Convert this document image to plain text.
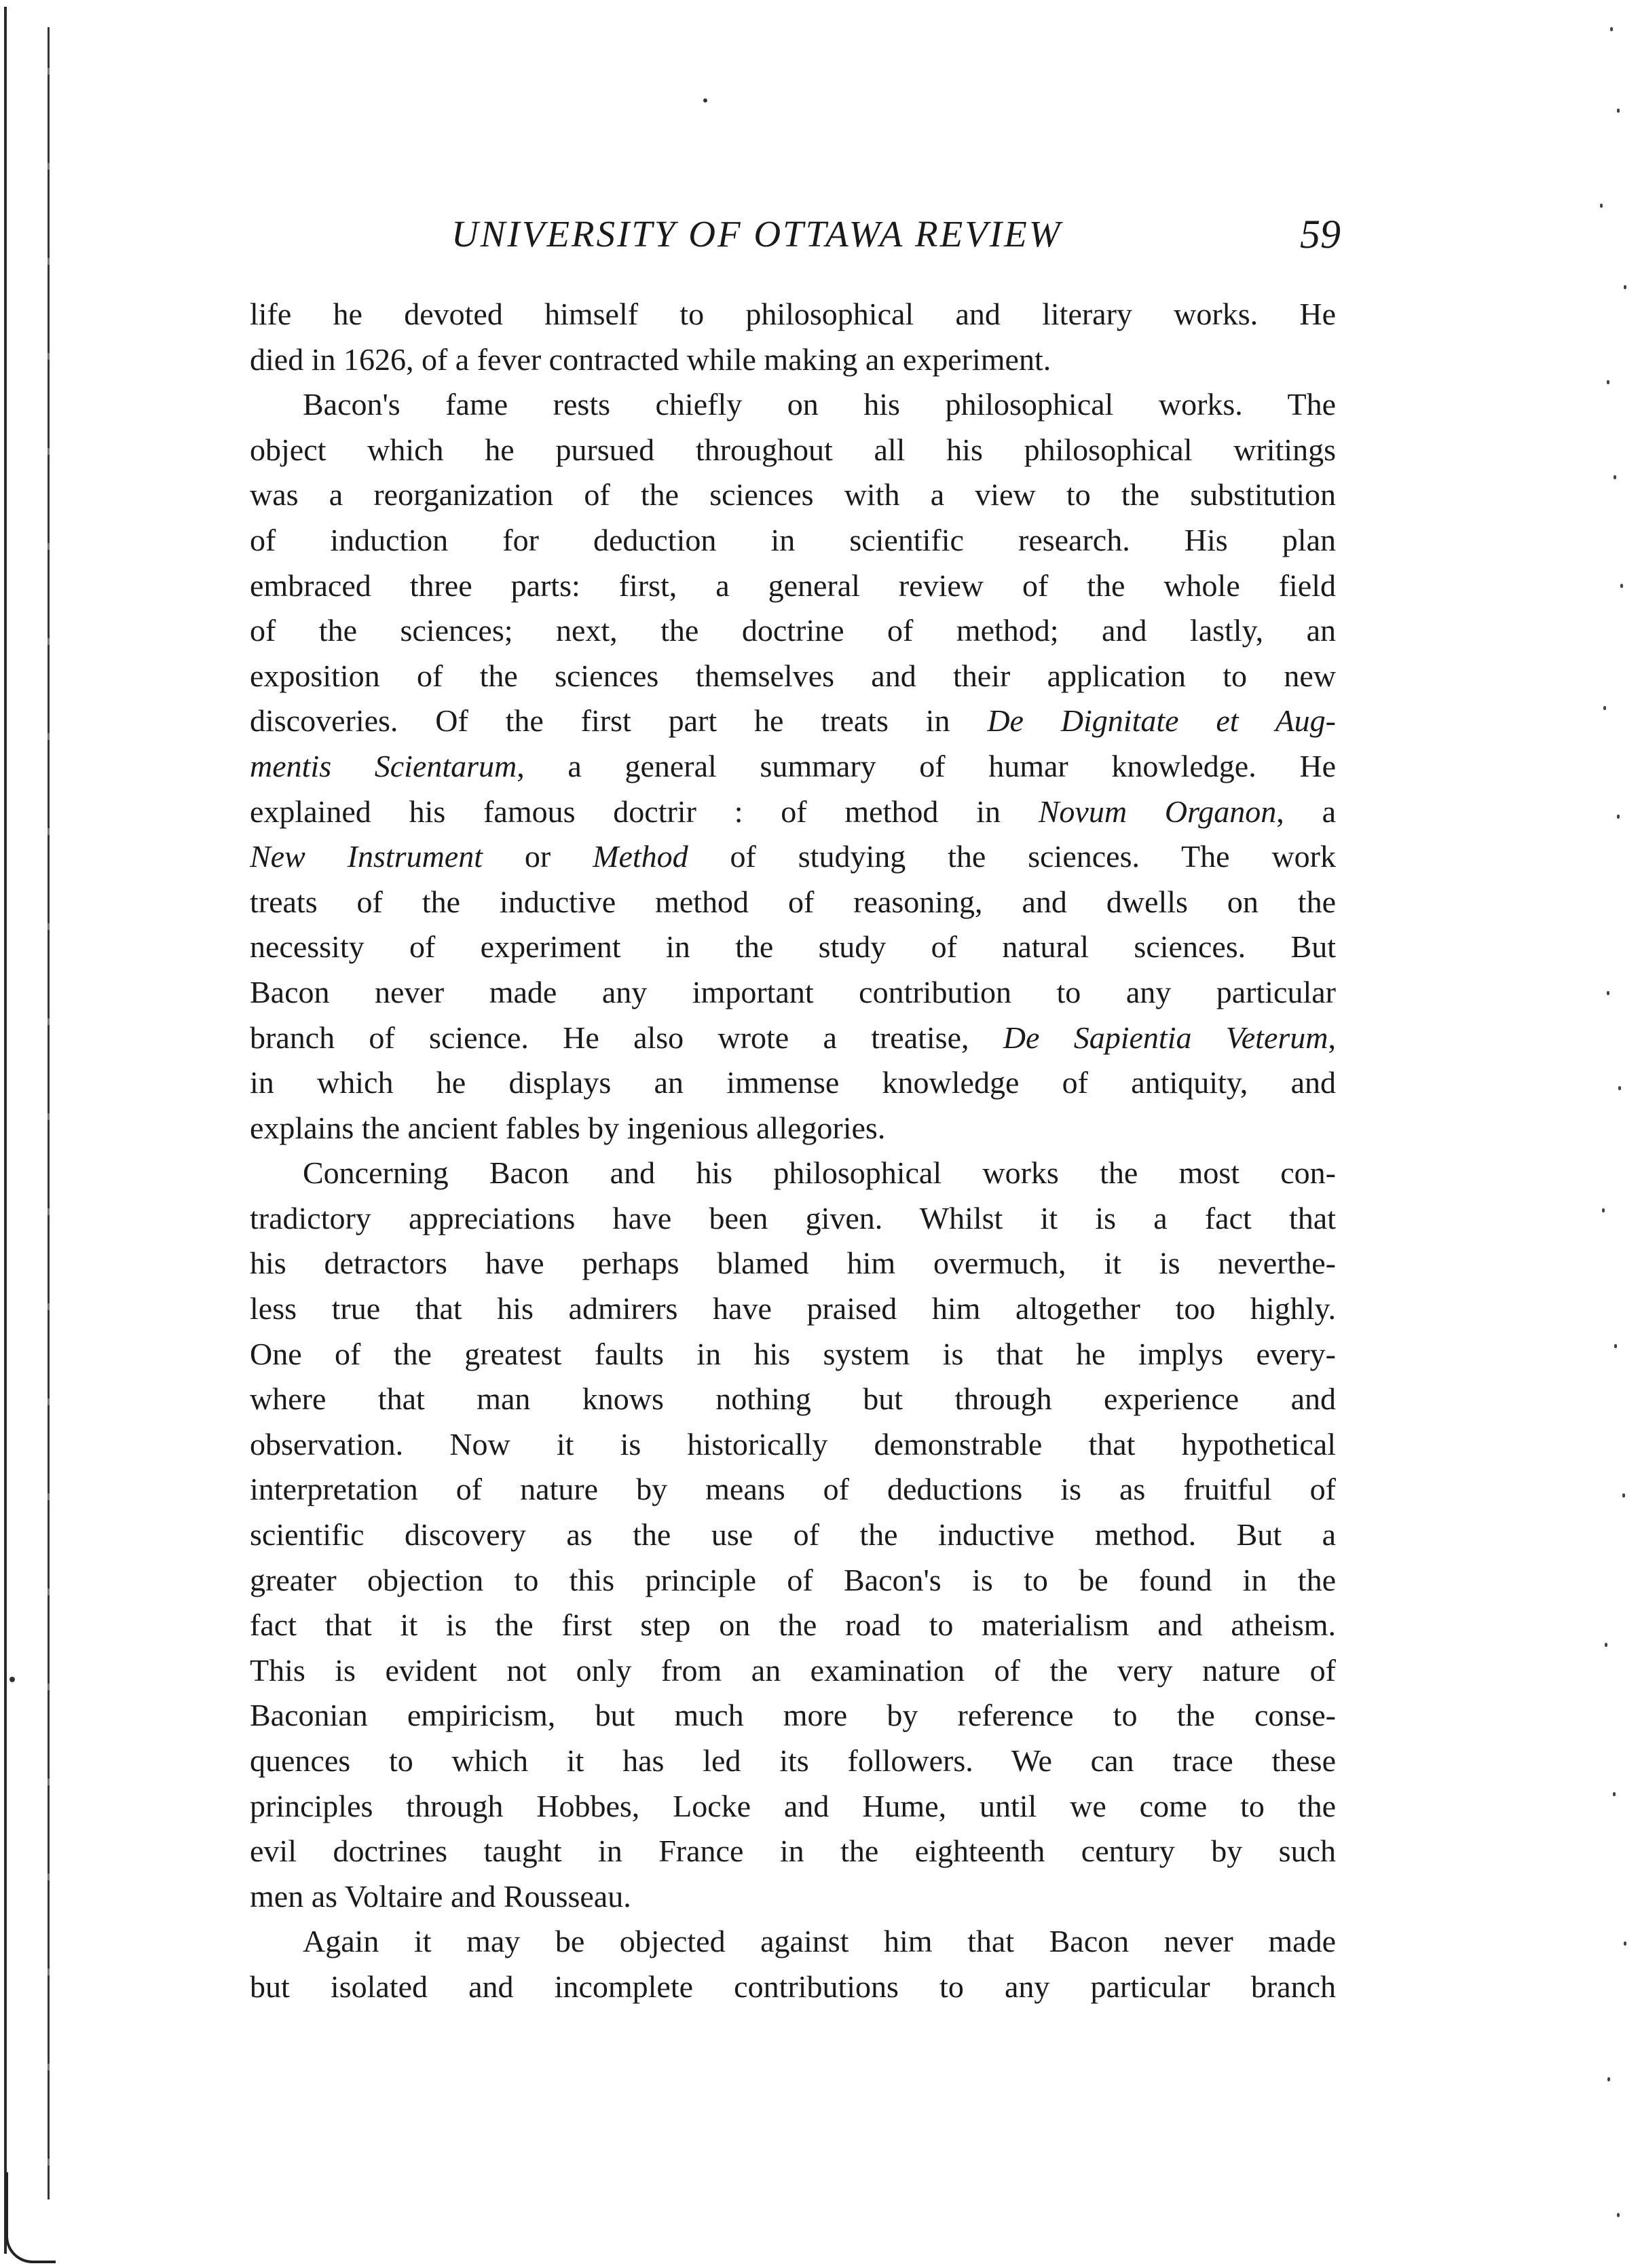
UNIVERSITY OF OTTAWA REVIEW	59
life he devoted himself to philosophical and literary works. He
died in 1626, of a fever contracted while making an experiment.
Bacon's fame rests chiefly on his philosophical works. The
object which he pursued throughout all his philosophical writings
was a reorganization of the sciences with a view to the substitution
of induction for deduction in scientific research. His plan
embraced three parts: first, a general review of the whole field
of the sciences; next, the doctrine of method; and lastly, an
exposition of the sciences themselves and their application to new
discoveries. Of the first part he treats in De Dignitate et Aug-
mentis Scientarum, a general summary of humar knowledge. He
explained his famous doctrir : of method in Novum Organon, a
New Instrument or Method of studying the sciences. The work
treats of the inductive method of reasoning, and dwells on the
necessity of experiment in the study of natural sciences. But
Bacon never made any important contribution to any particular
branch of science. He also wrote a treatise, De Sapientia Veterum,
in which he displays an immense knowledge of antiquity, and
explains the ancient fables by ingenious allegories.
Concerning Bacon and his philosophical works the most con-
tradictory appreciations have been given. Whilst it is a fact that
his detractors have perhaps blamed him overmuch, it is neverthe-
less true that his admirers have praised him altogether too highly.
One of the greatest faults in his system is that he implys every-
where that man knows nothing but through experience and
observation. Now it is historically demonstrable that hypothetical
interpretation of nature by means of deductions is as fruitful of
scientific discovery as the use of the inductive method. But a
greater objection to this principle of Bacon's is to be found in the
fact that it is the first step on the road to materialism and atheism.
This is evident not only from an examination of the very nature of
Baconian empiricism, but much more by reference to the conse-
quences to which it has led its followers. We can trace these
principles through Hobbes, Locke and Hume, until we come to the
evil doctrines taught in France in the eighteenth century by such
men as Voltaire and Rousseau.
Again it may be objected against him that Bacon never made
but isolated and incomplete contributions to any particular branch
